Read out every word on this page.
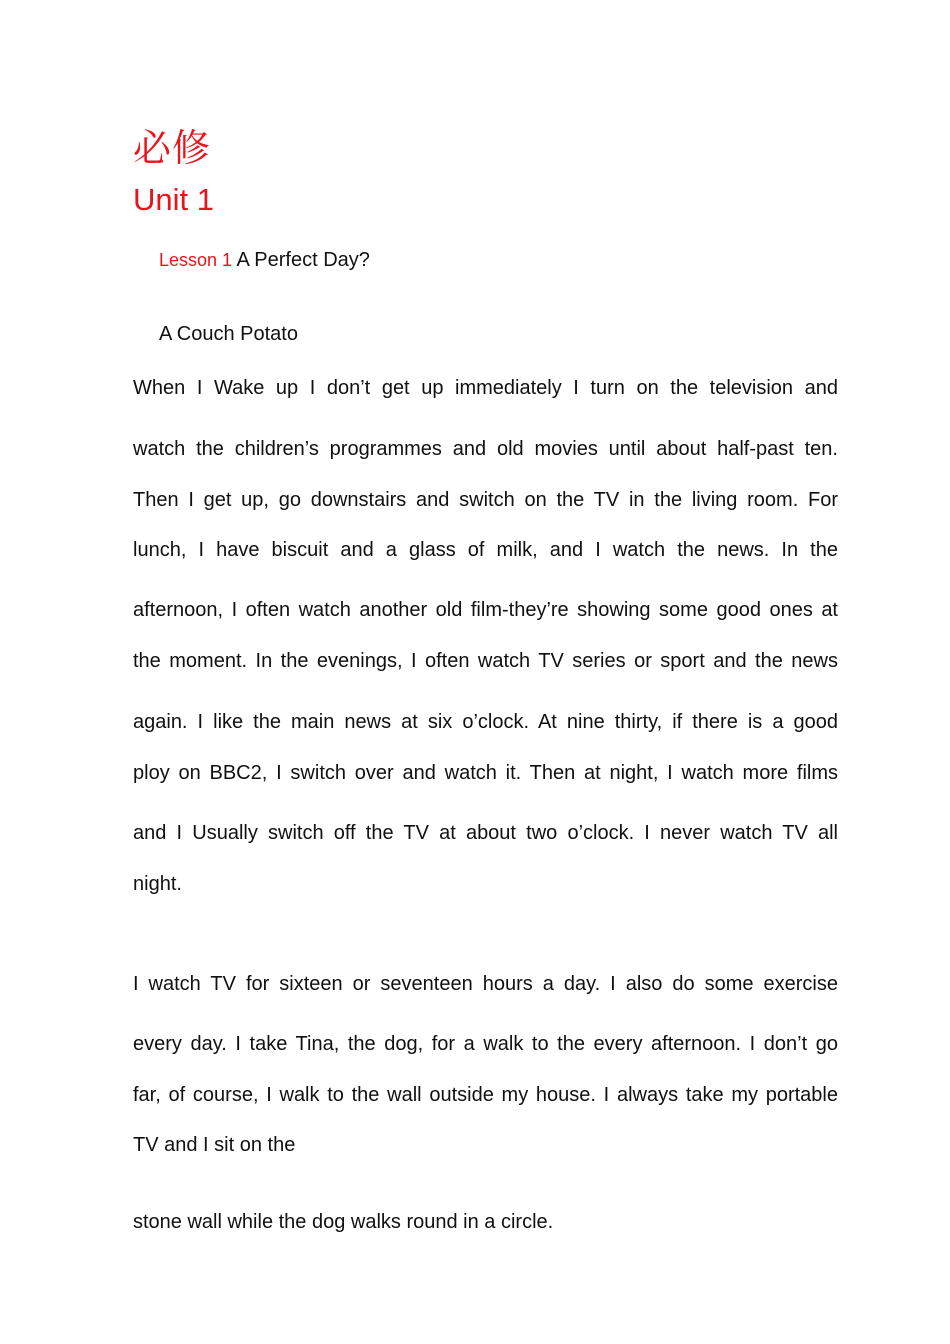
必修
Unit 1
Lesson 1 A Perfect Day?
A Couch Potato
When I Wake up I don’t get up immediately I turn on the television and
watch the children’s programmes and old movies until about half-past ten.
Then I get up, go downstairs and switch on the TV in the living room. For
lunch, I have biscuit and a glass of milk, and I watch the news. In the
afternoon, I often watch another old film-they’re showing some good ones at
the moment. In the evenings, I often watch TV series or sport and the news
again. I like the main news at six o’clock. At nine thirty, if there is a good
ploy on BBC2, I switch over and watch it. Then at night, I watch more films
and I Usually switch off the TV at about two o’clock. I never watch TV all
night.
I watch TV for sixteen or seventeen hours a day. I also do some exercise
every day. I take Tina, the dog, for a walk to the every afternoon. I don’t go
far, of course, I walk to the wall outside my house. I always take my portable
TV and I sit on the
stone wall while the dog walks round in a circle.
